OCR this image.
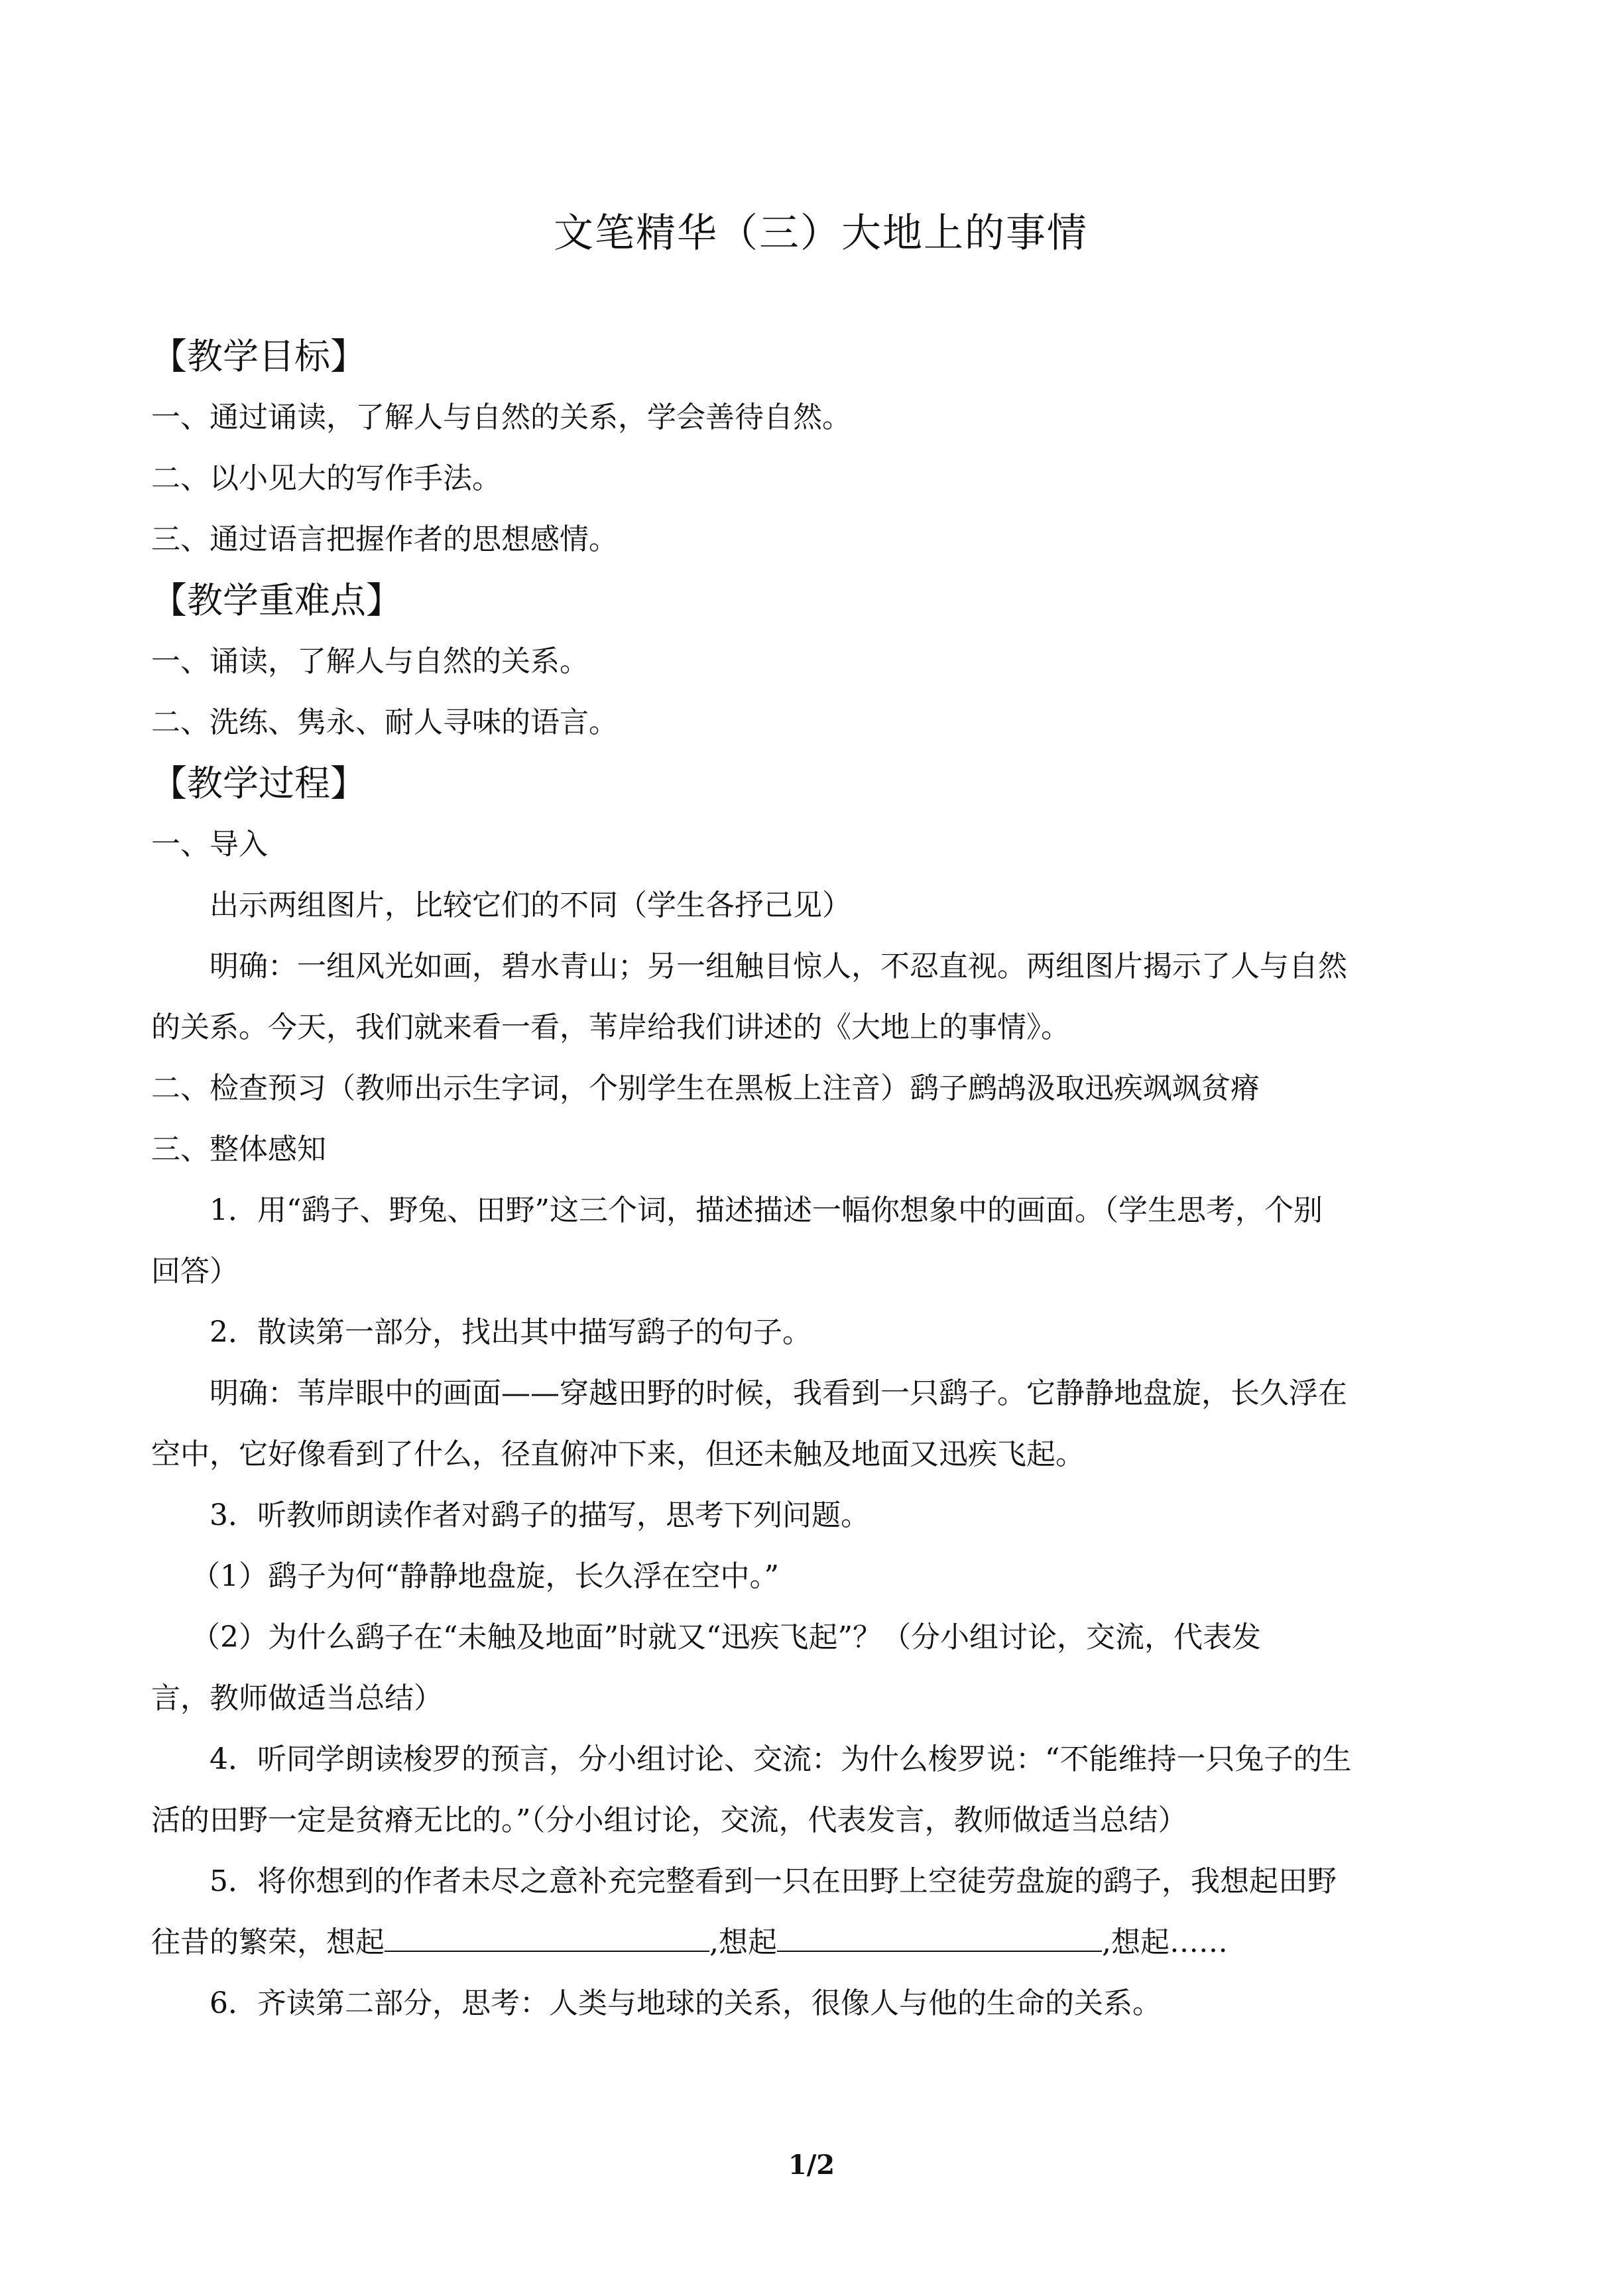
文笔精华（三）大地上的事情
【教学目标】
一、通过诵读，了解人与自然的关系，学会善待自然。
二、以小见大的写作手法。
三、通过语言把握作者的思想感情。
【教学重难点】
一、诵读，了解人与自然的关系。
二、洗练、隽永、耐人寻味的语言。
【教学过程】
一、导入
出示两组图片，比较它们的不同（学生各抒己见）
明确：一组风光如画，碧水青山；另一组触目惊人，不忍直视。两组图片揭示了人与自然
的关系。今天，我们就来看一看，苇岸给我们讲述的《大地上的事情》。
二、检查预习（教师出示生字词，个别学生在黑板上注音）鹞子鹧鸪汲取迅疾飒飒贫瘠
三、整体感知
1．用“鹞子、野兔、田野”这三个词，描述描述一幅你想象中的画面。（学生思考，个别
回答）
2．散读第一部分，找出其中描写鹞子的句子。
明确：苇岸眼中的画面——穿越田野的时候，我看到一只鹞子。它静静地盘旋，长久浮在
空中，它好像看到了什么，径直俯冲下来，但还未触及地面又迅疾飞起。
3．听教师朗读作者对鹞子的描写，思考下列问题。
（1）鹞子为何“静静地盘旋，长久浮在空中。”
（2）为什么鹞子在“未触及地面”时就又“迅疾飞起”？（分小组讨论，交流，代表发
言，教师做适当总结）
4．听同学朗读梭罗的预言，分小组讨论、交流：为什么梭罗说：“不能维持一只兔子的生
活的田野一定是贫瘠无比的。”（分小组讨论，交流，代表发言，教师做适当总结）
5．将你想到的作者未尽之意补充完整看到一只在田野上空徒劳盘旋的鹞子，我想起田野
往昔的繁荣，想起	,想起	,想起……
6．齐读第二部分，思考：人类与地球的关系，很像人与他的生命的关系。
1/2
